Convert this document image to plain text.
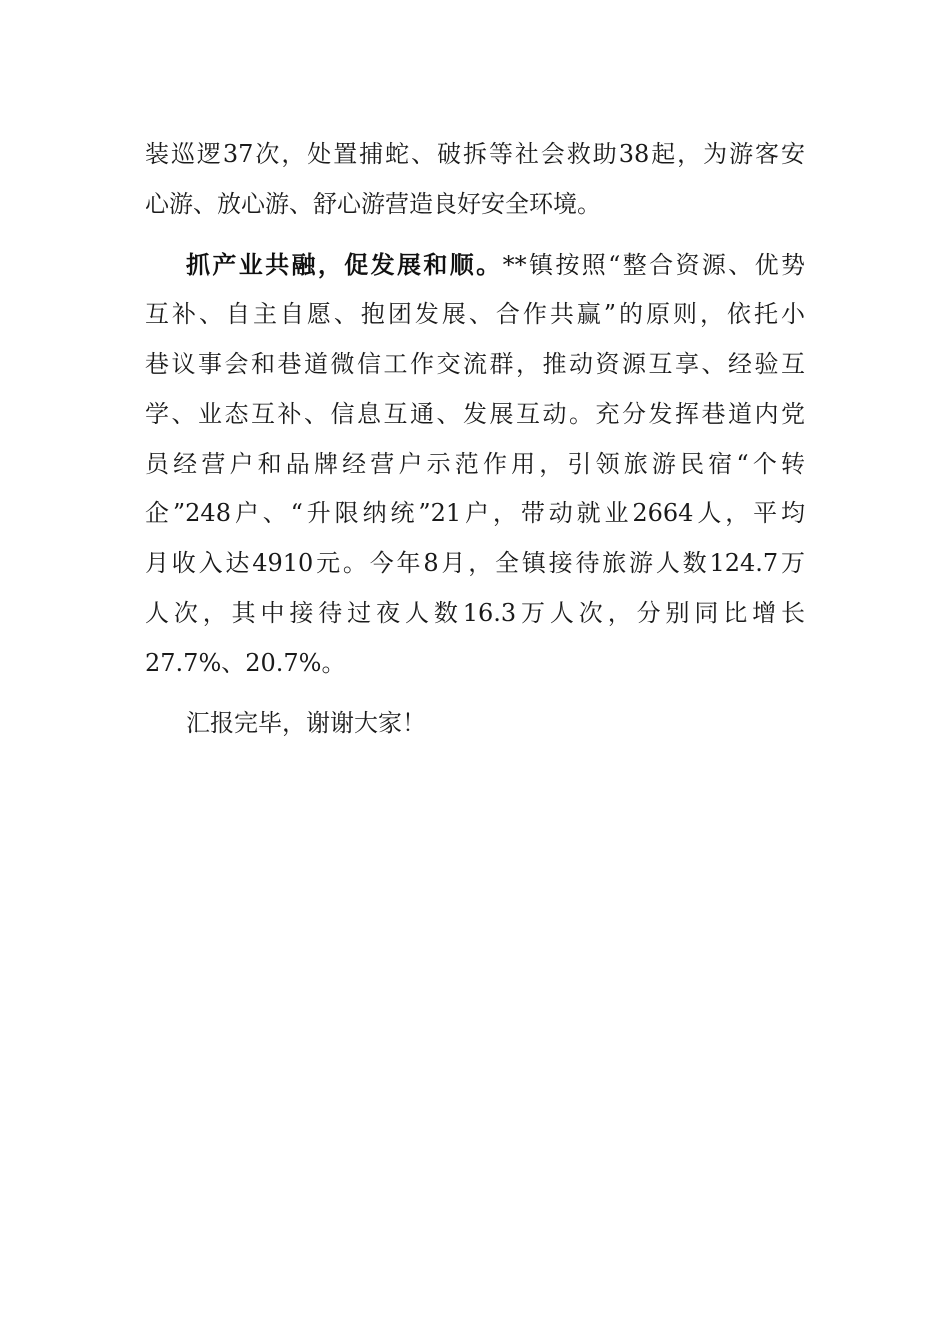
装巡逻37次，处置捕蛇、破拆等社会救助38起，为游客安
心游、放心游、舒心游营造良好安全环境。
抓产业共融，促发展和顺。**镇按照“整合资源、优势
互补、自主自愿、抱团发展、合作共赢”的原则，依托小
巷议事会和巷道微信工作交流群，推动资源互享、经验互
学、业态互补、信息互通、发展互动。充分发挥巷道内党
员经营户和品牌经营户示范作用，引领旅游民宿“个转
企”248户、“升限纳统”21户，带动就业2664人，平均
月收入达4910元。今年8月，全镇接待旅游人数124.7万
人次，其中接待过夜人数16.3万人次，分别同比增长
27.7%、20.7%。
汇报完毕，谢谢大家！
